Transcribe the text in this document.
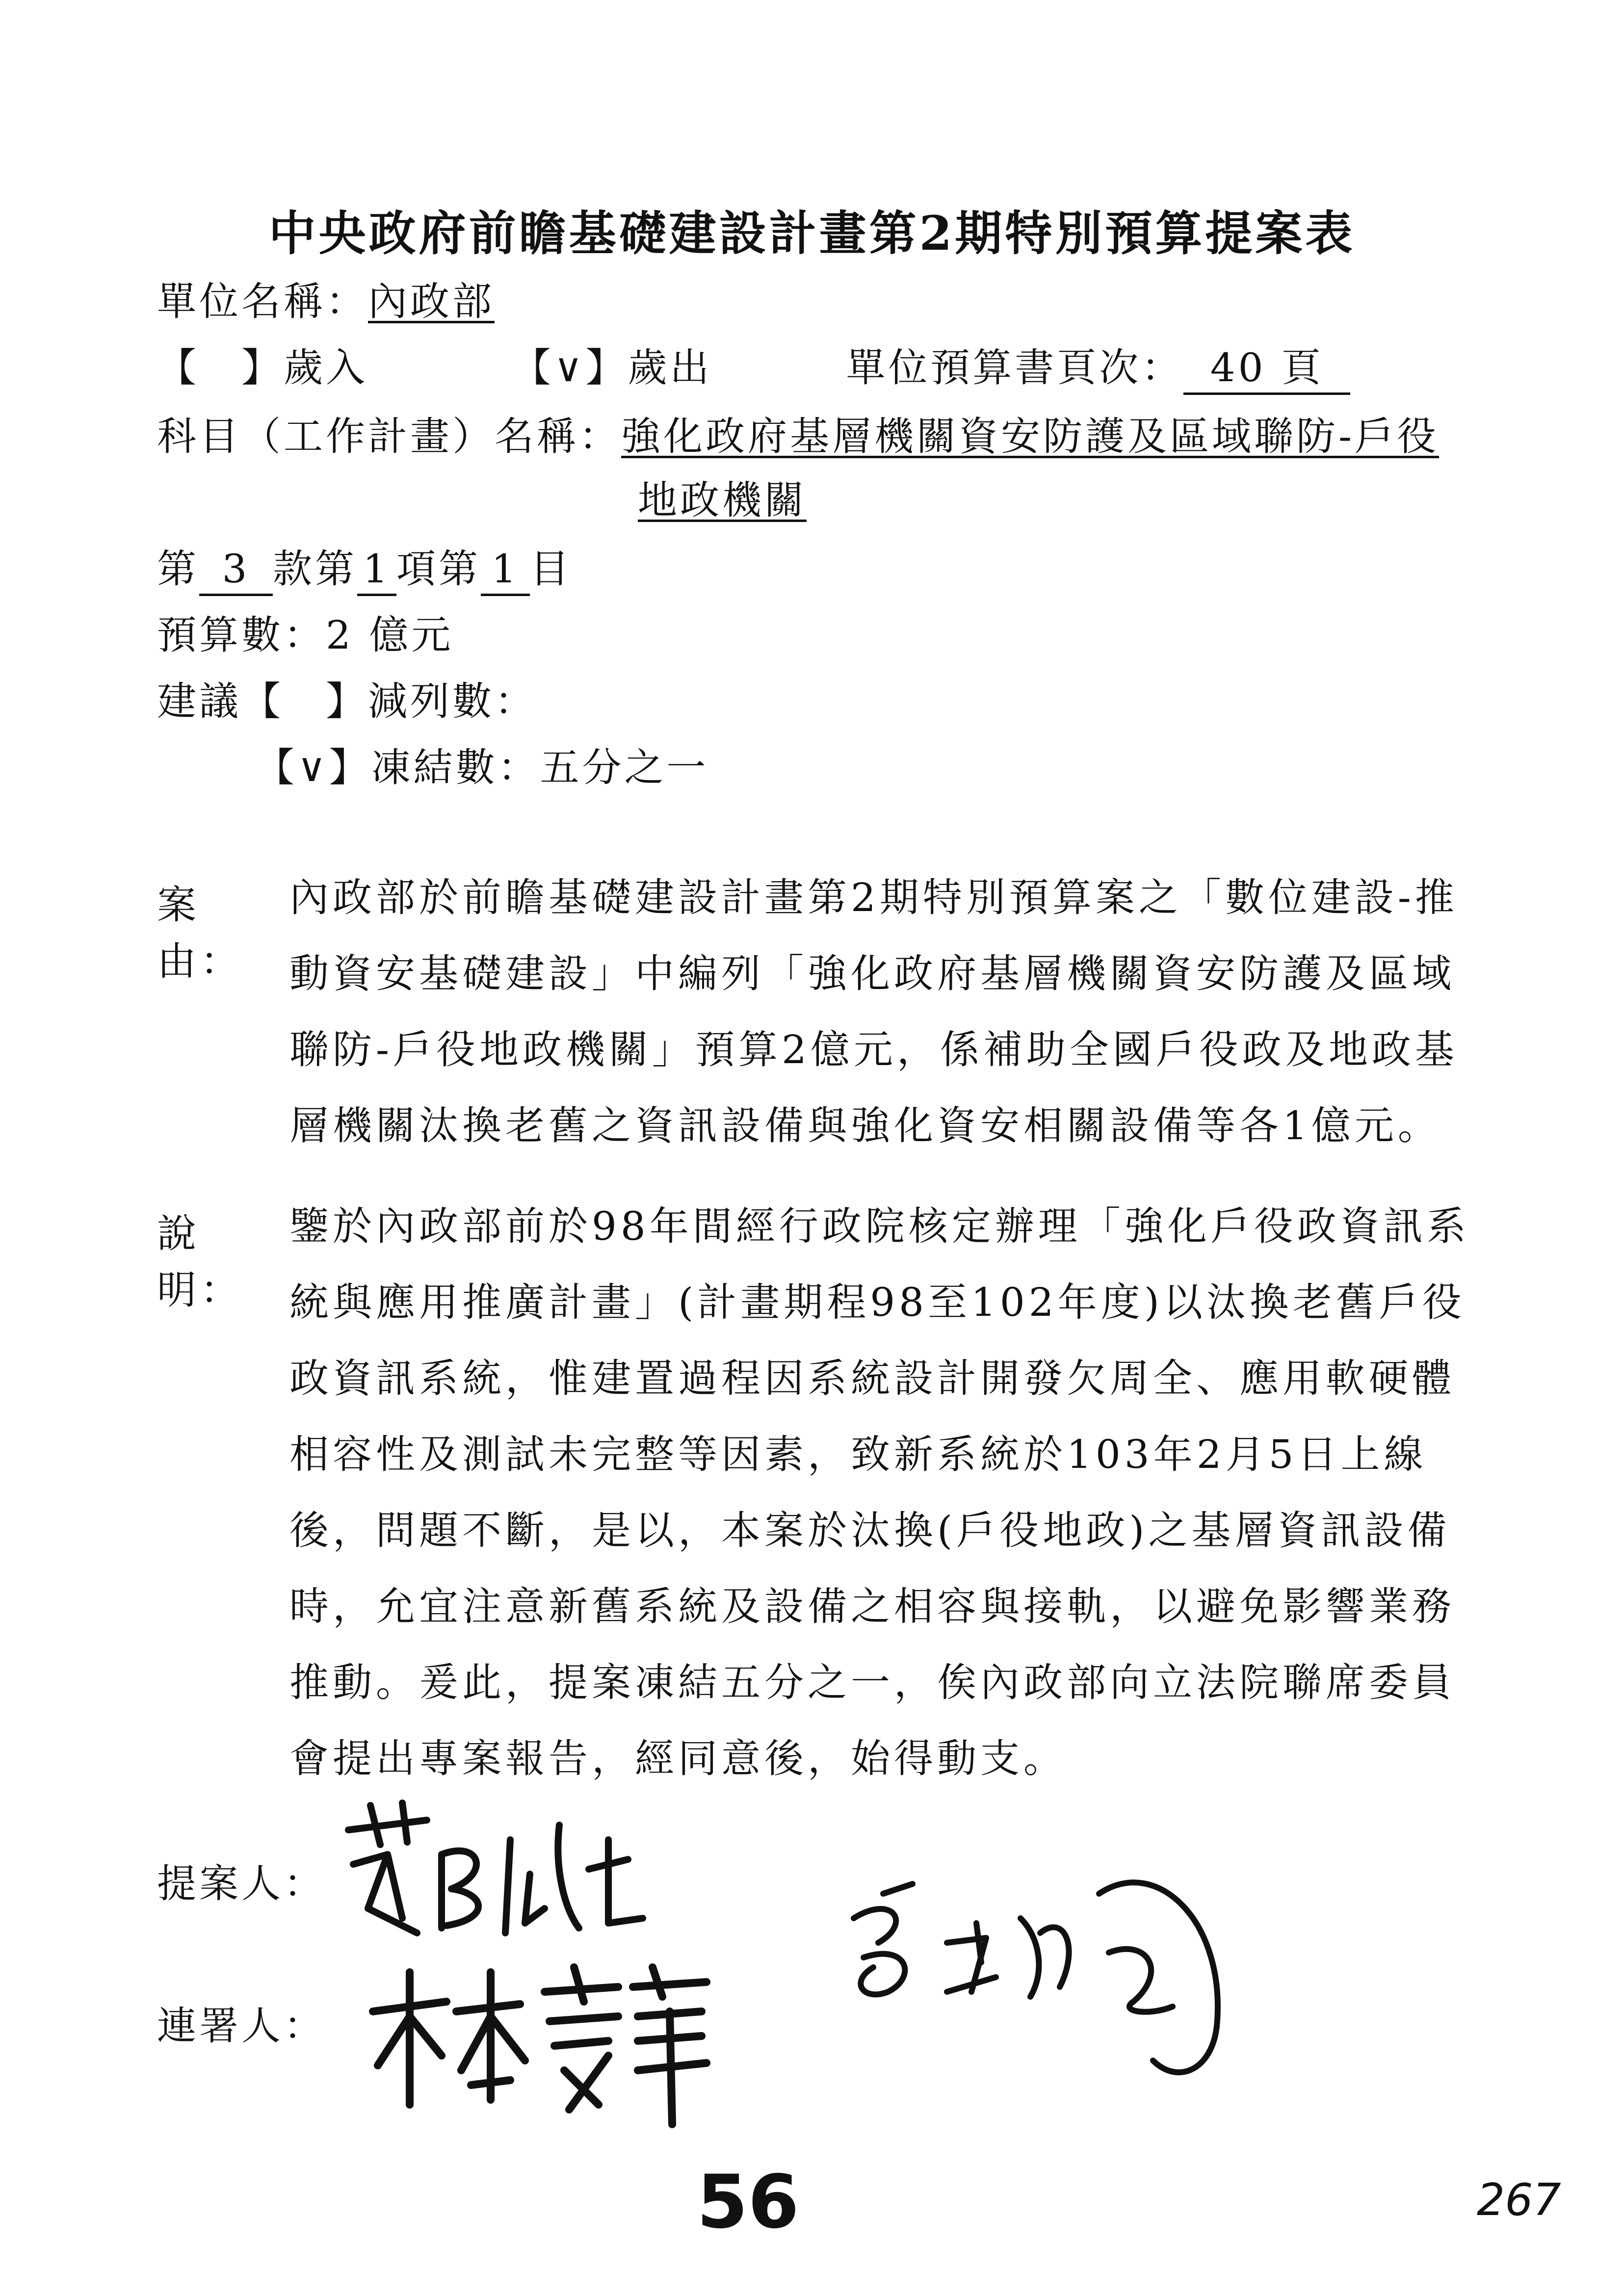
中央政府前瞻基礎建設計畫第2期特別預算提案表
單位名稱：內政部
【　】歲入	【∨】歲出	單位預算書頁次： 40 頁
科目（工作計畫）名稱：強化政府基層機關資安防護及區域聯防-戶役
地政機關
第 3 款第 1 項第 1 目
預算數：2 億元
建議【　】減列數：
【∨】凍結數：五分之一
案由：
內政部於前瞻基礎建設計畫第2期特別預算案之「數位建設-推
動資安基礎建設」中編列「強化政府基層機關資安防護及區域
聯防-戶役地政機關」預算2億元，係補助全國戶役政及地政基
層機關汰換老舊之資訊設備與強化資安相關設備等各1億元。
說明：
鑒於內政部前於98年間經行政院核定辦理「強化戶役政資訊系
統與應用推廣計畫」(計畫期程98至102年度)以汰換老舊戶役
政資訊系統，惟建置過程因系統設計開發欠周全、應用軟硬體
相容性及測試未完整等因素，致新系統於103年2月5日上線
後，問題不斷，是以，本案於汰換(戶役地政)之基層資訊設備
時，允宜注意新舊系統及設備之相容與接軌，以避免影響業務
推動。爰此，提案凍結五分之一，俟內政部向立法院聯席委員
會提出專案報告，經同意後，始得動支。
提案人：
連署人：
56	267
